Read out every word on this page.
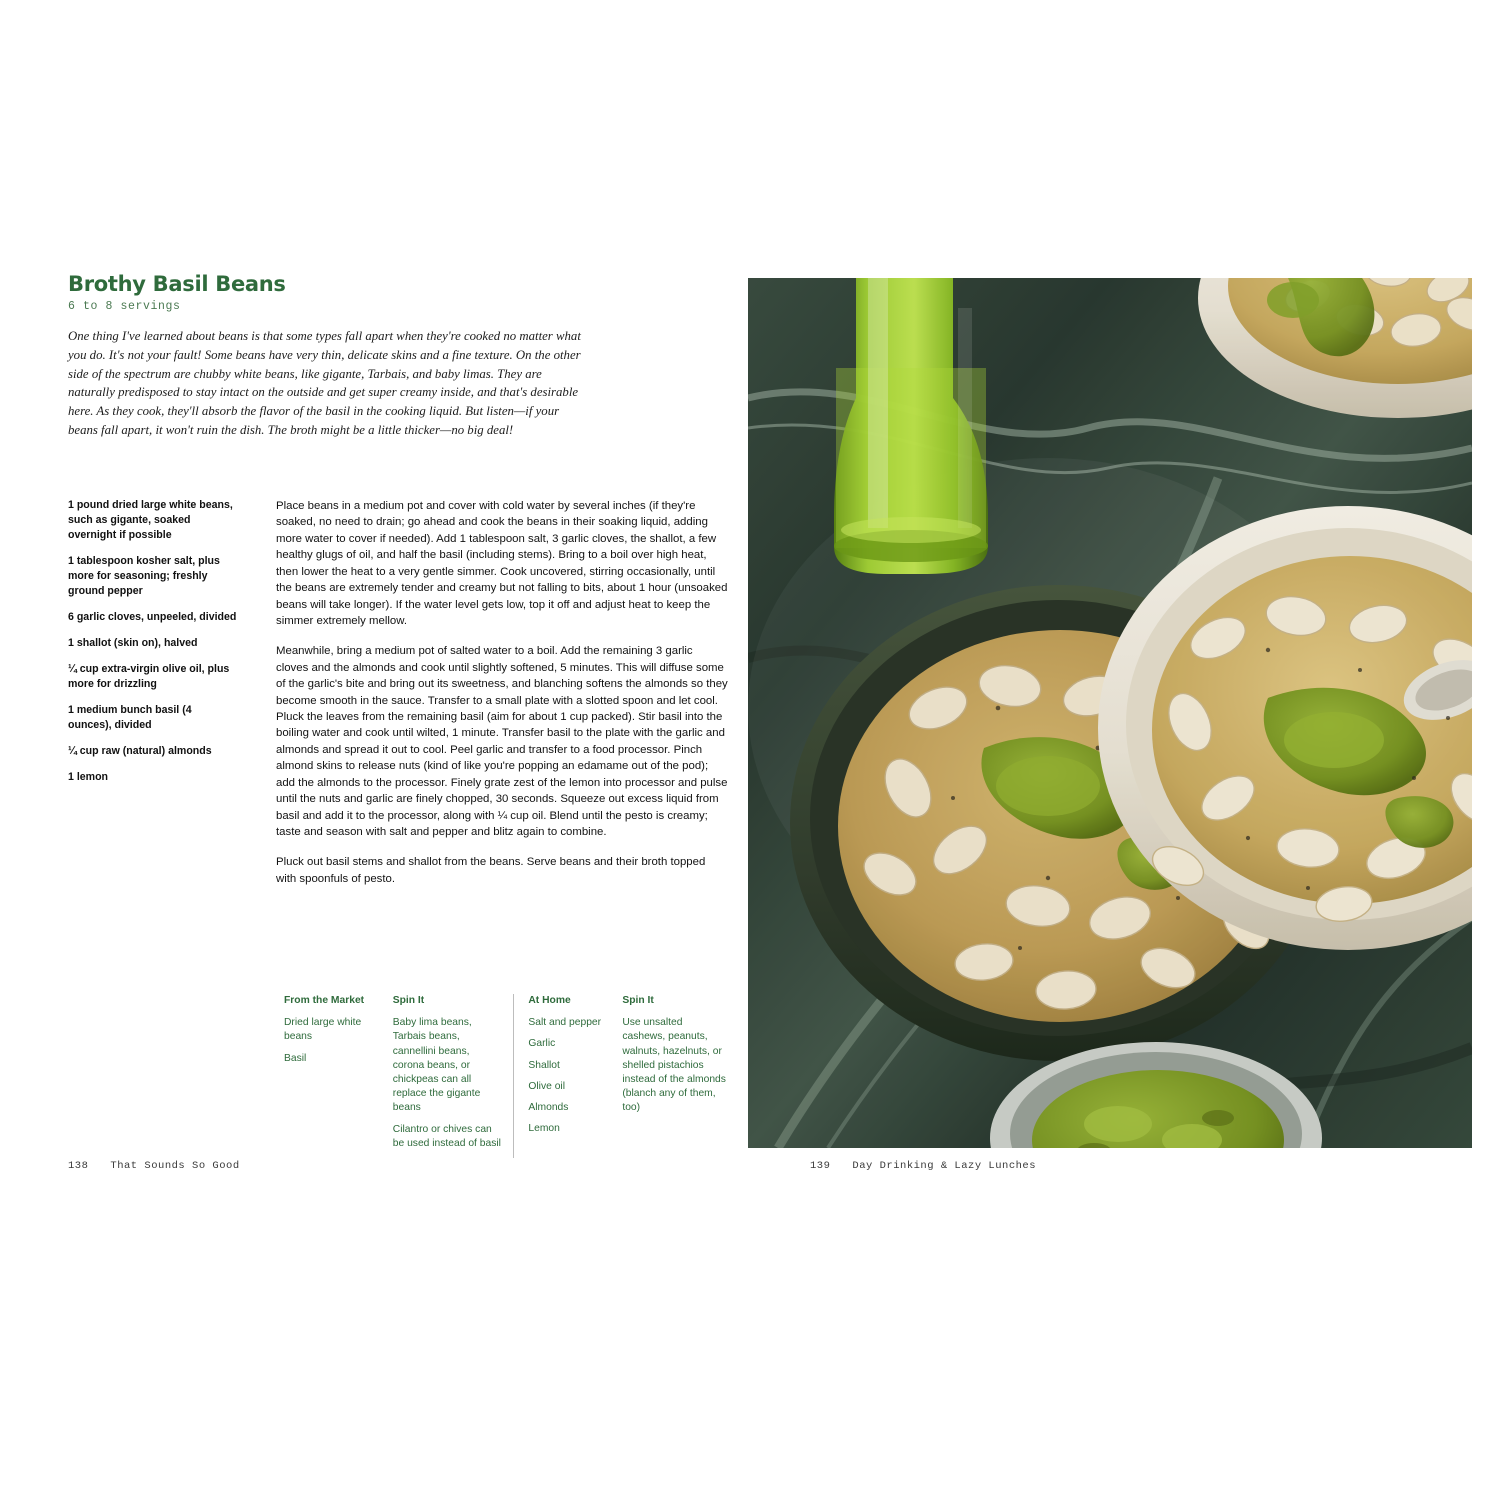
Brothy Basil Beans
6 to 8 servings
One thing I've learned about beans is that some types fall apart when they're cooked no matter what you do. It's not your fault! Some beans have very thin, delicate skins and a fine texture. On the other side of the spectrum are chubby white beans, like gigante, Tarbais, and baby limas. They are naturally predisposed to stay intact on the outside and get super creamy inside, and that's desirable here. As they cook, they'll absorb the flavor of the basil in the cooking liquid. But listen—if your beans fall apart, it won't ruin the dish. The broth might be a little thicker—no big deal!

1 pound dried large white beans, such as gigante, soaked overnight if possible

1 tablespoon kosher salt, plus more for seasoning; freshly ground pepper

6 garlic cloves, unpeeled, divided

1 shallot (skin on), halved

¼ cup extra-virgin olive oil, plus more for drizzling

1 medium bunch basil (4 ounces), divided

¼ cup raw (natural) almonds

1 lemon

Place beans in a medium pot and cover with cold water by several inches (if they're soaked, no need to drain; go ahead and cook the beans in their soaking liquid, adding more water to cover if needed). Add 1 tablespoon salt, 3 garlic cloves, the shallot, a few healthy glugs of oil, and half the basil (including stems). Bring to a boil over high heat, then lower the heat to a very gentle simmer. Cook uncovered, stirring occasionally, until the beans are extremely tender and creamy but not falling to bits, about 1 hour (unsoaked beans will take longer). If the water level gets low, top it off and adjust heat to keep the simmer extremely mellow.

Meanwhile, bring a medium pot of salted water to a boil. Add the remaining 3 garlic cloves and the almonds and cook until slightly softened, 5 minutes. This will diffuse some of the garlic's bite and bring out its sweetness, and blanching softens the almonds so they become smooth in the sauce. Transfer to a small plate with a slotted spoon and let cool. Pluck the leaves from the remaining basil (aim for about 1 cup packed). Stir basil into the boiling water and cook until wilted, 1 minute. Transfer basil to the plate with the garlic and almonds and spread it out to cool. Peel garlic and transfer to a food processor. Pinch almond skins to release nuts (kind of like you're popping an edamame out of the pod); add the almonds to the processor. Finely grate zest of the lemon into processor and pulse until the nuts and garlic are finely chopped, 30 seconds. Squeeze out excess liquid from basil and add it to the processor, along with ¼ cup oil. Blend until the pesto is creamy; taste and season with salt and pepper and blitz again to combine.

Pluck out basil stems and shallot from the beans. Serve beans and their broth topped with spoonfuls of pesto.

From the Market

Dried large white beans

Basil

Spin It

Baby lima beans, Tarbais beans, cannellini beans, corona beans, or chickpeas can all replace the gigante beans

Cilantro or chives can be used instead of basil

At Home

Salt and pepper

Garlic

Shallot

Olive oil

Almonds

Lemon

Spin It

Use unsalted cashews, peanuts, walnuts, hazelnuts, or shelled pistachios instead of the almonds (blanch any of them, too)

138 That Sounds So Good	139 Day Drinking & Lazy Lunches
